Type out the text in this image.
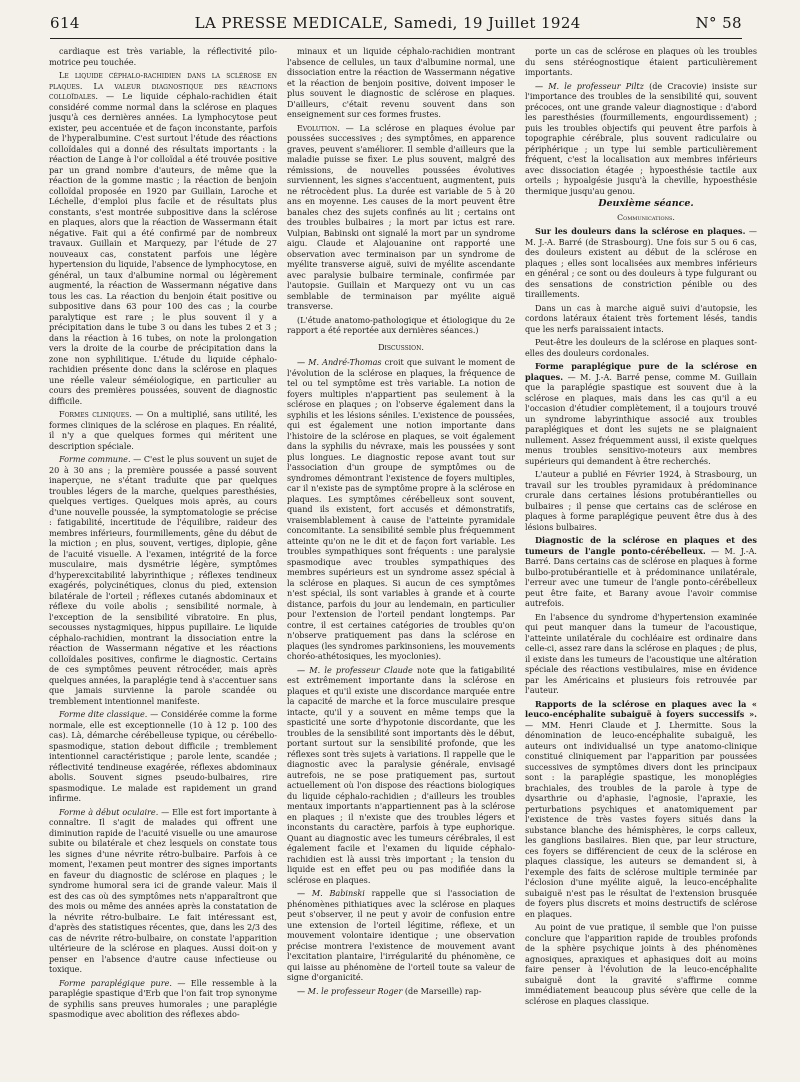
614	LA PRESSE MEDICALE, Samedi, 19 Juillet 1924	N° 58

cardiaque est très variable, la réflectivité pilo-motrice peu touchée.

Le liquide céphalo-rachidien dans la sclérose en plaques. La valeur diagnostique des réactions colloïdales. — Le liquide céphalo-rachidien était considéré comme normal dans la sclérose en plaques jusqu'à ces dernières années. La lymphocytose peut exister, peu accentuée et de façon inconstante, parfois de l'hyperalbumine. C'est surtout l'étude des réactions colloïdales qui a donné des résultats importants : la réaction de Lange à l'or colloïdal a été trouvée positive par un grand nombre d'auteurs, de même que la réaction de la gomme mastic ; la réaction de benjoin colloïdal proposée en 1920 par Guillain, Laroche et Léchelle, d'emploi plus facile et de résultats plus constants, s'est montrée subpositive dans la sclérose en plaques, alors que la réaction de Wassermann était négative. Fait qui a été confirmé par de nombreux travaux. Guillain et Marquezy, par l'étude de 27 nouveaux cas, constatent parfois une légère hypertension du liquide, l'absence de lymphocytose, en général, un taux d'albumine normal ou légèrement augmenté, la réaction de Wassermann négative dans tous les cas. La réaction du benjoin était positive ou subpositive dans 63 pour 100 des cas ; la courbe paralytique est rare ; le plus souvent il y a précipitation dans le tube 3 ou dans les tubes 2 et 3 ; dans la réaction à 16 tubes, on note la prolongation vers la droite de la courbe de précipitation dans la zone non syphilitique. L'étude du liquide céphalo-rachidien présente donc dans la sclérose en plaques une réelle valeur séméiologique, en particulier au cours des premières poussées, souvent de diagnostic difficile.

Formes cliniques. — On a multiplié, sans utilité, les formes cliniques de la sclérose en plaques. En réalité, il n'y a que quelques formes qui méritent une description spéciale.

Forme commune. — C'est le plus souvent un sujet de 20 à 30 ans ; la première poussée a passé souvent inaperçue, ne s'étant traduite que par quelques troubles légers de la marche, quelques paresthésies, quelques vertiges. Quelques mois après, au cours d'une nouvelle poussée, la symptomatologie se précise : fatigabilité, incertitude de l'équilibre, raideur des membres inférieurs, fourmillements, gêne du début de la miction ; en plus, souvent, vertiges, diplopie, gêne de l'acuité visuelle. A l'examen, intégrité de la force musculaire, mais dysmétrie légère, symptômes d'hyperexcitabilité labyrinthique ; réflexes tendineux exagérés, polycinétiques, clonus du pied, extension bilatérale de l'orteil ; réflexes cutanés abdominaux et réflexe du voile abolis ; sensibilité normale, à l'exception de la sensibilité vibratoire. En plus, secousses nystagmiques, hippus pupillaire. Le liquide céphalo-rachidien, montrant la dissociation entre la réaction de Wassermann négative et les réactions colloïdales positives, confirme le diagnostic. Certains de ces symptômes peuvent rétrocéder, mais après quelques années, la paraplégie tend à s'accentuer sans que jamais survienne la parole scandée ou tremblement intentionnel manifeste.

Forme dite classique. — Considérée comme la forme normale, elle est exceptionnelle (10 à 12 p. 100 des cas). Là, démarche cérébelleuse typique, ou cérébello-spasmodique, station debout difficile ; tremblement intentionnel caractéristique ; parole lente, scandée ; réflectivité tendineuse exagérée, réflexes abdominaux abolis. Souvent signes pseudo-bulbaires, rire spasmodique. Le malade est rapidement un grand infirme.

Forme à début oculaire. — Elle est fort importante à connaître. Il s'agit de malades qui offrent une diminution rapide de l'acuité visuelle ou une amaurose subite ou bilatérale et chez lesquels on constate tous les signes d'une névrite rétro-bulbaire. Parfois à ce moment, l'examen peut montrer des signes importants en faveur du diagnostic de sclérose en plaques ; le syndrome humoral sera ici de grande valeur. Mais il est des cas où des symptômes nets n'apparaîtront que des mois ou même des années après la constatation de la névrite rétro-bulbaire. Le fait intéressant est, d'après des statistiques récentes, que, dans les 2/3 des cas de névrite rétro-bulbaire, on constate l'apparition ultérieure de la sclérose en plaques. Aussi doit-on y penser en l'absence d'autre cause infectieuse ou toxique.

Forme paraplégique pure. — Elle ressemble à la paraplégie spastique d'Erb que l'on fait trop synonyme de syphilis sans preuves humorales ; une paraplégie spasmodique avec abolition des réflexes abdo-

minaux et un liquide céphalo-rachidien montrant l'absence de cellules, un taux d'albumine normal, une dissociation entre la réaction de Wassermann négative et la réaction de benjoin positive, doivent imposer le plus souvent le diagnostic de sclérose en plaques. D'ailleurs, c'était revenu souvent dans son enseignement sur ces formes frustes.

Evolution. — La sclérose en plaques évolue par poussées successives ; des symptômes, en apparence graves, peuvent s'améliorer. Il semble d'ailleurs que la maladie puisse se fixer. Le plus souvent, malgré des rémissions, de nouvelles poussées évolutives surviennent, les signes s'accentuent, augmentent, puis ne rétrocèdent plus. La durée est variable de 5 à 20 ans en moyenne. Les causes de la mort peuvent être banales chez des sujets confinés au lit ; certains ont des troubles bulbaires ; la mort par ictus est rare. Vulpian, Babinski ont signalé la mort par un syndrome aigu. Claude et Alajouanine ont rapporté une observation avec terminaison par un syndrome de myélite transverse aiguë, suivi de myélite ascendante avec paralysie bulbaire terminale, confirmée par l'autopsie. Guillain et Marquezy ont vu un cas semblable de terminaison par myélite aiguë transverse.

(L'étude anatomo-pathologique et étiologique du 2e rapport a été reportée aux dernières séances.)

Discussion.

— M. André-Thomas croit que suivant le moment de l'évolution de la sclérose en plaques, la fréquence de tel ou tel symptôme est très variable. La notion de foyers multiples n'appartient pas seulement à la sclérose en plaques ; on l'observe également dans la syphilis et les lésions séniles. L'existence de poussées, qui est également une notion importante dans l'histoire de la sclérose en plaques, se voit également dans la syphilis du névraxe, mais les poussées y sont plus longues. Le diagnostic repose avant tout sur l'association d'un groupe de symptômes ou de syndromes démontrant l'existence de foyers multiples, car il n'existe pas de symptôme propre à la sclérose en plaques. Les symptômes cérébelleux sont souvent, quand ils existent, fort accusés et démonstratifs, vraisemblablement à cause de l'atteinte pyramidale concomitante. La sensibilité semble plus fréquemment atteinte qu'on ne le dit et de façon fort variable. Les troubles sympathiques sont fréquents : une paralysie spasmodique avec troubles sympathiques des membres supérieurs est un syndrome assez spécial à la sclérose en plaques. Si aucun de ces symptômes n'est spécial, ils sont variables à grande et à courte distance, parfois du jour au lendemain, en particulier pour l'extension de l'orteil pendant longtemps. Par contre, il est certaines catégories de troubles qu'on n'observe pratiquement pas dans la sclérose en plaques (les syndromes parkinsoniens, les mouvements choréo-athétosiques, les myoclonies).

— M. le professeur Claude note que la fatigabilité est extrêmement importante dans la sclérose en plaques et qu'il existe une discordance marquée entre la capacité de marche et la force musculaire presque intacte, qu'il y a souvent en même temps que la spasticité une sorte d'hypotonie discordante, que les troubles de la sensibilité sont importants dès le début, portant surtout sur la sensibilité profonde, que les réflexes sont très sujets à variations. Il rappelle que le diagnostic avec la paralysie générale, envisagé autrefois, ne se pose pratiquement pas, surtout actuellement où l'on dispose des réactions biologiques du liquide céphalo-rachidien ; d'ailleurs les troubles mentaux importants n'appartiennent pas à la sclérose en plaques ; il n'existe que des troubles légers et inconstants du caractère, parfois à type euphorique. Quant au diagnostic avec les tumeurs cérébrales, il est également facile et l'examen du liquide céphalo-rachidien est là aussi très important ; la tension du liquide est en effet peu ou pas modifiée dans la sclérose en plaques.

— M. Babinski rappelle que si l'association de phénomènes pithiatiques avec la sclérose en plaques peut s'observer, il ne peut y avoir de confusion entre une extension de l'orteil légitime, réflexe, et un mouvement volontaire identique ; une observation précise montrera l'existence de mouvement avant l'excitation plantaire, l'irrégularité du phénomène, ce qui laisse au phénomène de l'orteil toute sa valeur de signe d'organicité.

— M. le professeur Roger (de Marseille) rap-

porte un cas de sclérose en plaques où les troubles du sens stéréognostique étaient particulièrement importants.

— M. le professeur Piltz (de Cracovie) insiste sur l'importance des troubles de la sensibilité qui, souvent précoces, ont une grande valeur diagnostique : d'abord les paresthésies (fourmillements, engourdissement) ; puis les troubles objectifs qui peuvent être parfois à topographie cérébrale, plus souvent radiculaire ou périphérique ; un type lui semble particulièrement fréquent, c'est la localisation aux membres inférieurs avec dissociation étagée ; hypoesthésie tactile aux orteils ; hypoalgésie jusqu'à la cheville, hypoesthésie thermique jusqu'au genou.

Deuxième séance.

Communications.

Sur les douleurs dans la sclérose en plaques. — M. J.-A. Barré (de Strasbourg). Une fois sur 5 ou 6 cas, des douleurs existent au début de la sclérose en plaques ; elles sont localisées aux membres inférieurs en général ; ce sont ou des douleurs à type fulgurant ou des sensations de constriction pénible ou des tiraillements.

Dans un cas à marche aiguë suivi d'autopsie, les cordons latéraux étaient très fortement lésés, tandis que les nerfs paraissaient intacts.

Peut-être les douleurs de la sclérose en plaques sont-elles des douleurs cordonales.

Forme paraplégique pure de la sclérose en plaques. — M. J.-A. Barré pense, comme M. Guillain que la paraplégie spastique est souvent due à la sclérose en plaques, mais dans les cas qu'il a eu l'occasion d'étudier complètement, il a toujours trouvé un syndrome labyrinthique associé aux troubles paraplégiques et dont les sujets ne se plaignaient nullement. Assez fréquemment aussi, il existe quelques menus troubles sensitivo-moteurs aux membres supérieurs qui demandent à être recherchés.

L'auteur a publié en Février 1924, à Strasbourg, un travail sur les troubles pyramidaux à prédominance crurale dans certaines lésions protubérantielles ou bulbaires ; il pense que certains cas de sclérose en plaques à forme paraplégique peuvent être dus à des lésions bulbaires.

Diagnostic de la sclérose en plaques et des tumeurs de l'angle ponto-cérébelleux. — M. J.-A. Barré. Dans certains cas de sclérose en plaques à forme bulbo-protubérantielle et à prédominance unilatérale, l'erreur avec une tumeur de l'angle ponto-cérébelleux peut être faite, et Barany avoue l'avoir commise autrefois.

En l'absence du syndrome d'hypertension examinée qui peut manquer dans la tumeur de l'acoustique, l'atteinte unilatérale du cochléaire est ordinaire dans celle-ci, assez rare dans la sclérose en plaques ; de plus, il existe dans les tumeurs de l'acoustique une altération spéciale des réactions vestibulaires, mise en évidence par les Américains et plusieurs fois retrouvée par l'auteur.

Rapports de la sclérose en plaques avec la « leuco-encéphalite subaiguë à foyers successifs ». — MM. Henri Claude et J. Lhermitte. Sous la dénomination de leuco-encéphalite subaiguë, les auteurs ont individualisé un type anatomo-clinique constitué cliniquement par l'apparition par poussées successives de symptômes divers dont les principaux sont : la paraplégie spastique, les monoplégies brachiales, des troubles de la parole à type de dysarthrie ou d'aphasie, l'agnosie, l'apraxie, les perturbations psychiques et anatomiquement par l'existence de très vastes foyers situés dans la substance blanche des hémisphères, le corps calleux, les ganglions basilaires. Bien que, par leur structure, ces foyers se différencient de ceux de la sclérose en plaques classique, les auteurs se demandent si, à l'exemple des faits de sclérose multiple terminée par l'éclosion d'une myélite aiguë, la leuco-encéphalite subaiguë n'est pas le résultat de l'extension brusquée de foyers plus discrets et moins destructifs de sclérose en plaques.

Au point de vue pratique, il semble que l'on puisse conclure que l'apparition rapide de troubles profonds de la sphère psychique joints à des phénomènes agnosiques, apraxiques et aphasiques doit au moins faire penser à l'évolution de la leuco-encéphalite subaiguë dont la gravité s'affirme comme immédiatement beaucoup plus sévère que celle de la sclérose en plaques classique.
